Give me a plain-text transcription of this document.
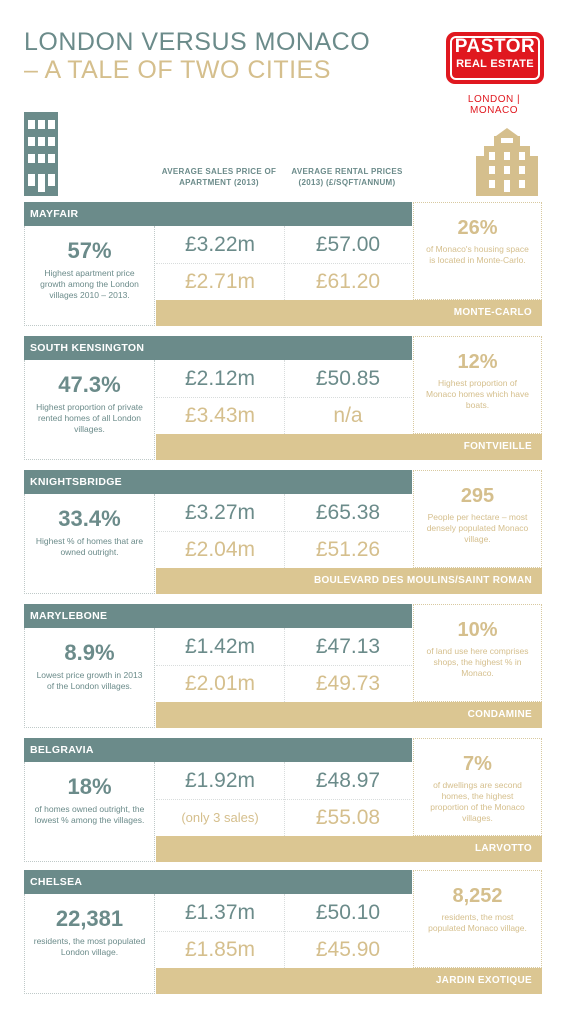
LONDON VERSUS MONACO
– A TALE OF TWO CITIES
PASTOR
REAL ESTATE
LONDON | MONACO
AVERAGE SALES PRICE OF APARTMENT (2013)
AVERAGE RENTAL PRICES (2013) (£/SQFT/ANNUM)
MAYFAIR
57%
Highest apartment price growth among the London villages 2010 – 2013.
£3.22m	£57.00
£2.71m	£61.20
26%
of Monaco's housing space is located in Monte-Carlo.
MONTE-CARLO
SOUTH KENSINGTON
47.3%
Highest proportion of private rented homes of all London villages.
£2.12m	£50.85
£3.43m	n/a
12%
Highest proportion of Monaco homes which have boats.
FONTVIEILLE
KNIGHTSBRIDGE
33.4%
Highest % of homes that are owned outright.
£3.27m	£65.38
£2.04m	£51.26
295
People per hectare – most densely populated Monaco village.
BOULEVARD DES MOULINS/SAINT ROMAN
MARYLEBONE
8.9%
Lowest price growth in 2013 of the London villages.
£1.42m	£47.13
£2.01m	£49.73
10%
of land use here comprises shops, the highest % in Monaco.
CONDAMINE
BELGRAVIA
18%
of homes owned outright, the lowest % among the villages.
£1.92m	£48.97
(only 3 sales)	£55.08
7%
of dwellings are second homes, the highest proportion of the Monaco villages.
LARVOTTO
CHELSEA
22,381
residents, the most populated London village.
£1.37m	£50.10
£1.85m	£45.90
8,252
residents, the most populated Monaco village.
JARDIN EXOTIQUE
